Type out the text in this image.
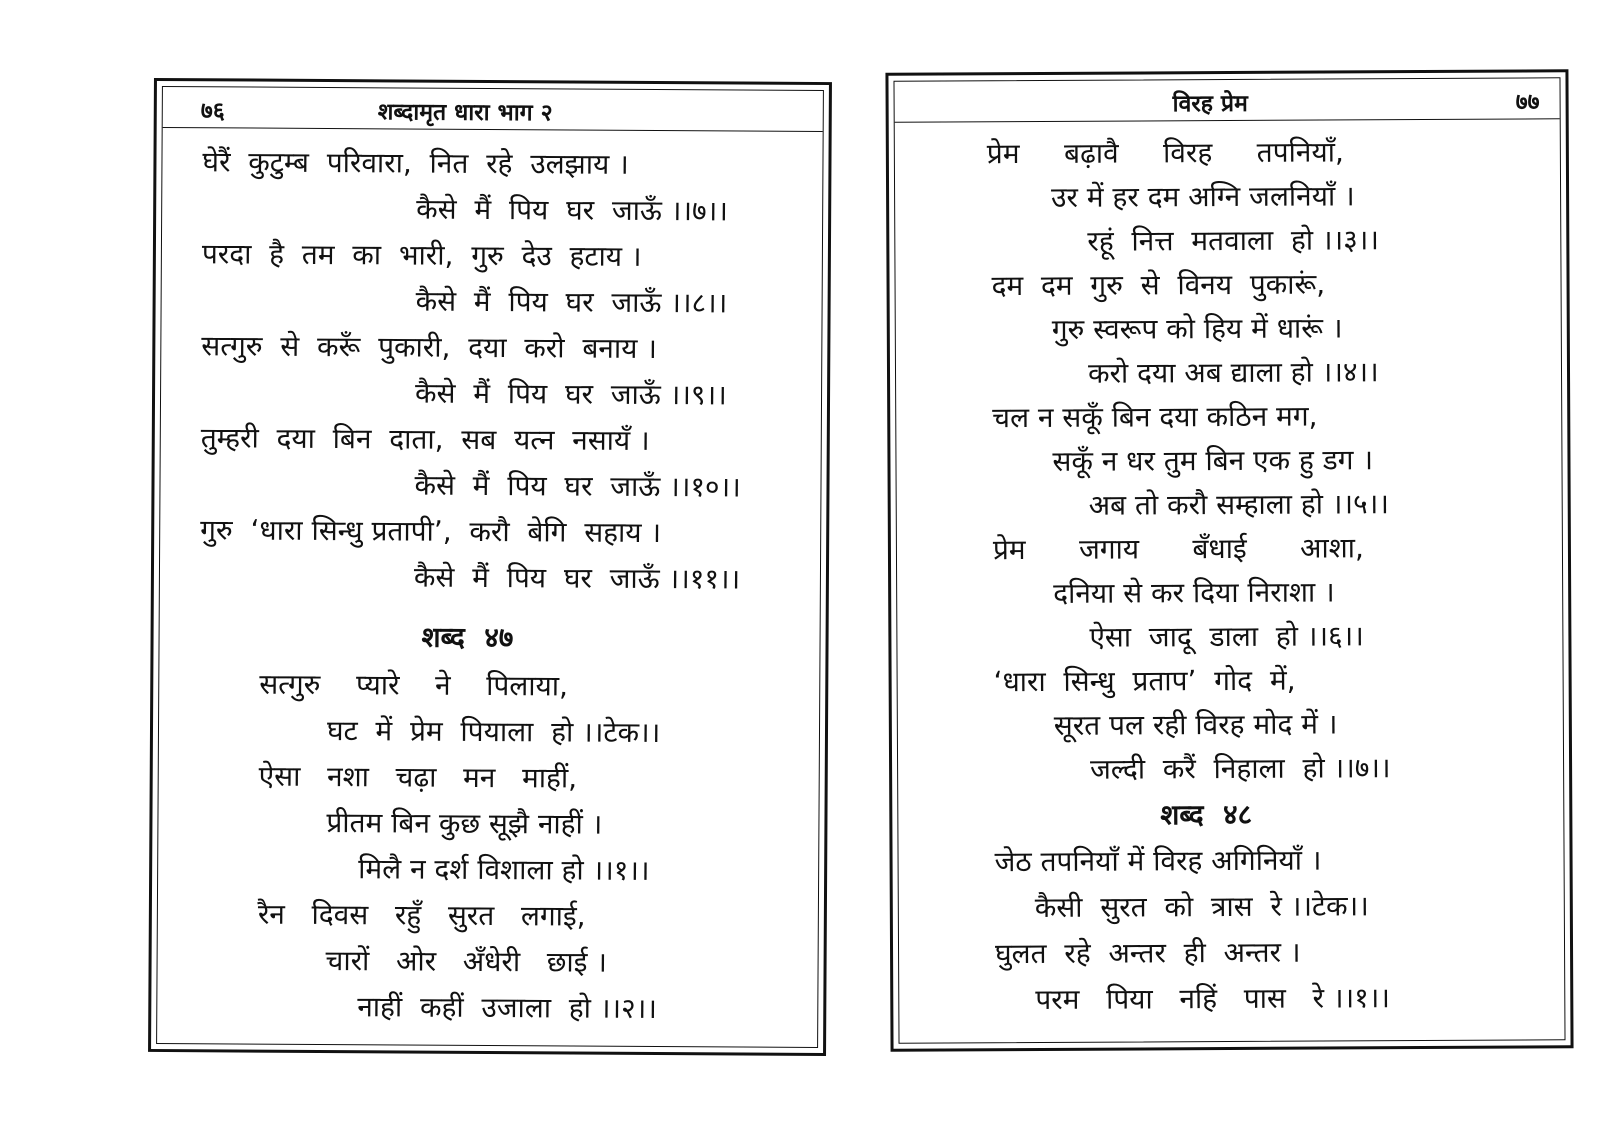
७६	शब्दामृत धारा भाग २
घेरैं  कुटुम्ब  परिवारा,  नित  रहे  उलझाय ।
कैसे  मैं  पिय  घर  जाऊँ ।।७।।
परदा  है  तम  का  भारी,  गुरु  देउ  हटाय ।
कैसे  मैं  पिय  घर  जाऊँ ।।८।।
सत्गुरु  से  करूँ  पुकारी,  दया  करो  बनाय ।
कैसे  मैं  पिय  घर  जाऊँ ।।९।।
तुम्हरी  दया  बिन  दाता,  सब  यत्न  नसायँ ।
कैसे  मैं  पिय  घर  जाऊँ ।।१०।।
गुरु  ‘धारा सिन्धु प्रतापी’,  करौ  बेगि  सहाय ।
कैसे  मैं  पिय  घर  जाऊँ ।।११।।
शब्द  ४७
सत्गुरु    प्यारे    ने    पिलाया,
घट  में  प्रेम  पियाला  हो ।।टेक।।
ऐसा   नशा   चढ़ा   मन   माहीं,
प्रीतम बिन कुछ सूझै नाहीं ।
मिलै न दर्श विशाला हो ।।१।।
रैन   दिवस   रहुँ   सुरत   लगाई,
चारों   ओर   अँधेरी   छाई ।
नाहीं  कहीं  उजाला  हो ।।२।।
विरह प्रेम	७७
प्रेम     बढ़ावै     विरह     तपनियाँ,
उर में हर दम अग्नि जलनियाँ ।
रहूं  नित्त  मतवाला  हो ।।३।।
दम  दम  गुरु  से  विनय  पुकारूं,
गुरु स्वरूप को हिय में धारूं ।
करो दया अब द्याला हो ।।४।।
चल न सकूँ बिन दया कठिन मग,
सकूँ न धर तुम बिन एक हु डग ।
अब तो करौ सम्हाला हो ।।५।।
प्रेम      जगाय      बँधाई      आशा,
दनिया से कर दिया निराशा ।
ऐसा  जादू  डाला  हो ।।६।।
‘धारा  सिन्धु  प्रताप’  गोद  में,
सूरत पल रही विरह मोद में ।
जल्दी  करैं  निहाला  हो ।।७।।
शब्द  ४८
जेठ तपनियाँ में विरह अगिनियाँ ।
कैसी  सुरत  को  त्रास  रे ।।टेक।।
घुलत  रहे  अन्तर  ही  अन्तर ।
परम   पिया   नहिं   पास   रे ।।१।।
